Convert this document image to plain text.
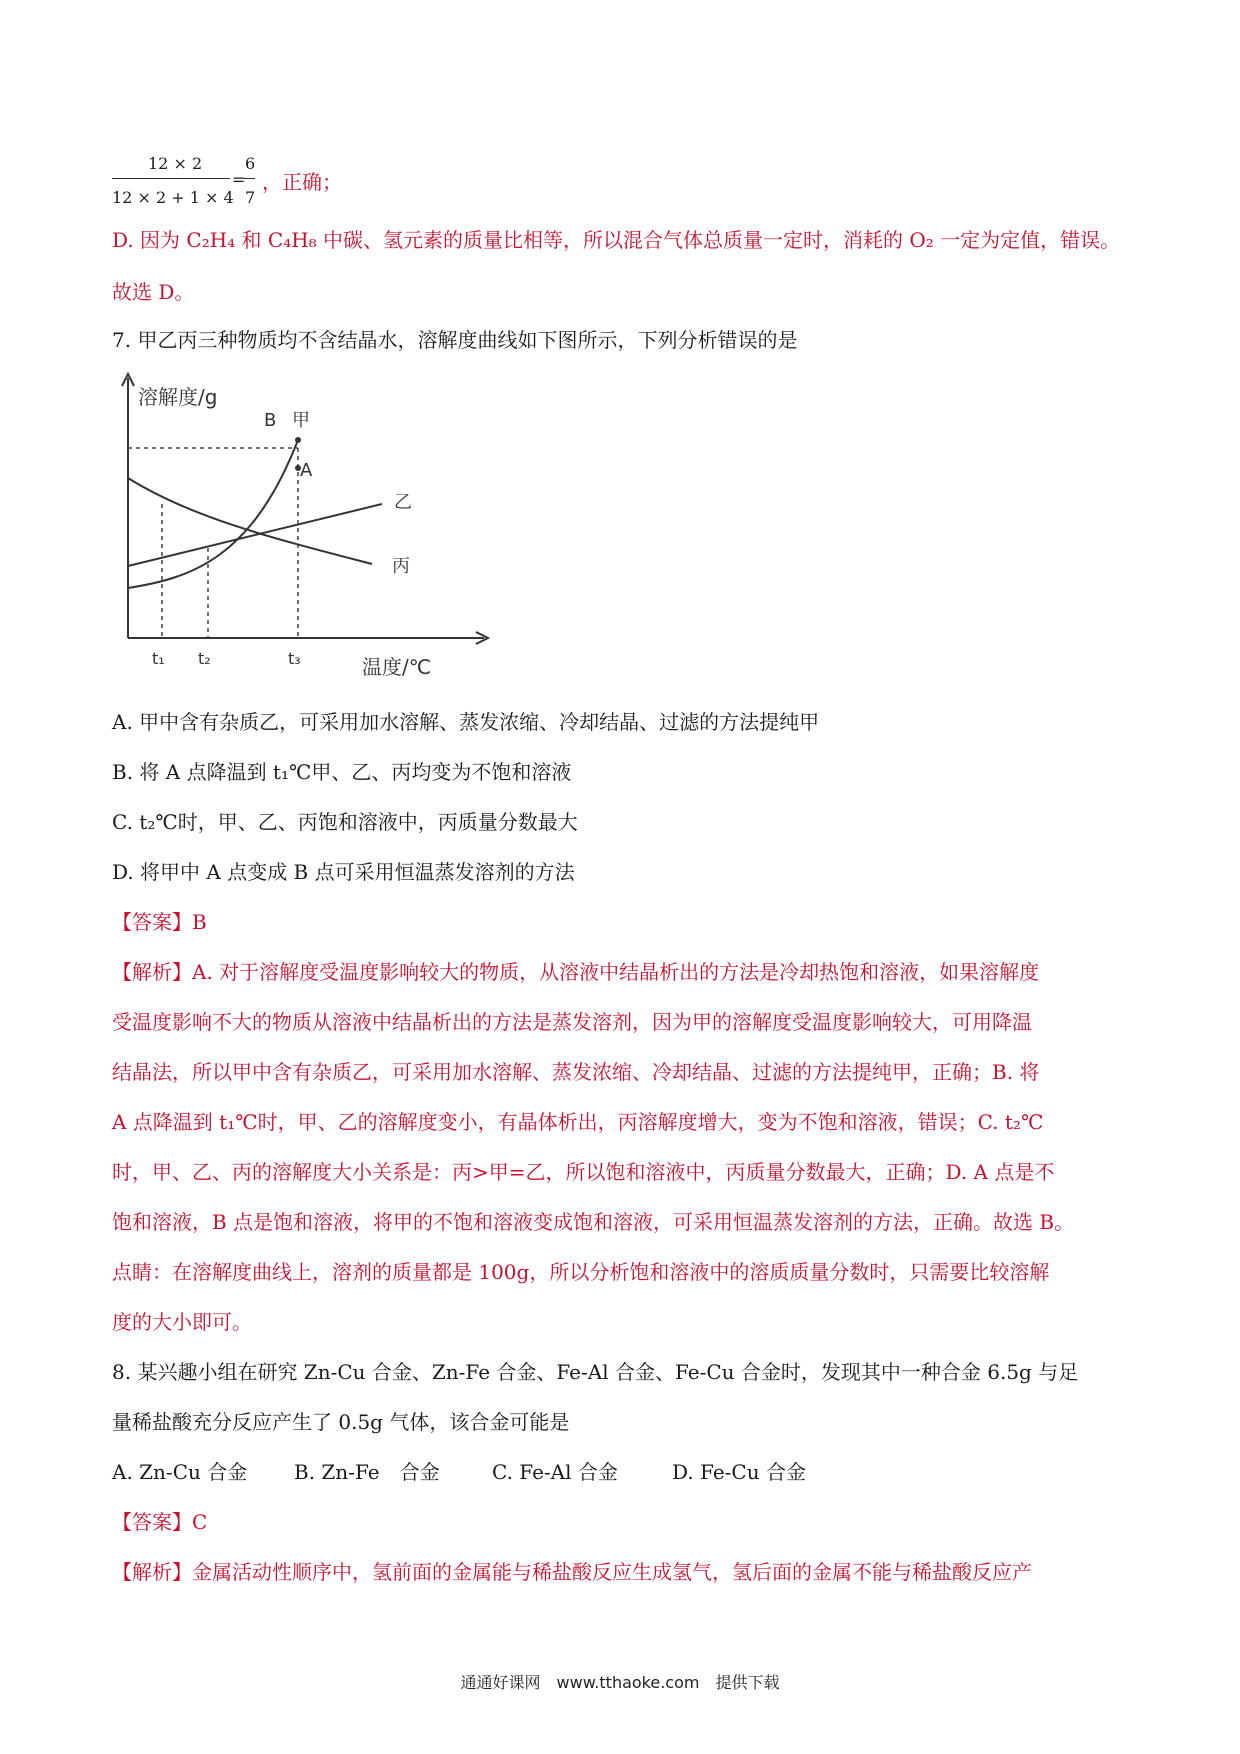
12 × 2
12 × 2 + 1 × 4
=
6
7
，正确；
D. 因为 C₂H₄ 和 C₄H₈ 中碳、氢元素的质量比相等，所以混合气体总质量一定时，消耗的 O₂ 一定为定值，错误。
故选 D。
7. 甲乙丙三种物质均不含结晶水，溶解度曲线如下图所示，下列分析错误的是
溶解度/g
B 甲
A
乙
丙
t₁ t₂	t₃	温度/℃
A. 甲中含有杂质乙，可采用加水溶解、蒸发浓缩、冷却结晶、过滤的方法提纯甲
B. 将 A 点降温到 t₁℃甲、乙、丙均变为不饱和溶液
C. t₂℃时，甲、乙、丙饱和溶液中，丙质量分数最大
D. 将甲中 A 点变成 B 点可采用恒温蒸发溶剂的方法
【答案】B
【解析】A. 对于溶解度受温度影响较大的物质，从溶液中结晶析出的方法是冷却热饱和溶液，如果溶解度
受温度影响不大的物质从溶液中结晶析出的方法是蒸发溶剂，因为甲的溶解度受温度影响较大，可用降温
结晶法，所以甲中含有杂质乙，可采用加水溶解、蒸发浓缩、冷却结晶、过滤的方法提纯甲，正确；B. 将
A 点降温到 t₁℃时，甲、乙的溶解度变小，有晶体析出，丙溶解度增大，变为不饱和溶液，错误；C. t₂℃
时，甲、乙、丙的溶解度大小关系是：丙>甲=乙，所以饱和溶液中，丙质量分数最大，正确；D. A 点是不
饱和溶液，B 点是饱和溶液，将甲的不饱和溶液变成饱和溶液，可采用恒温蒸发溶剂的方法，正确。故选 B。
点睛：在溶解度曲线上，溶剂的质量都是 100g，所以分析饱和溶液中的溶质质量分数时，只需要比较溶解
度的大小即可。
8. 某兴趣小组在研究 Zn-Cu 合金、Zn-Fe 合金、Fe-Al 合金、Fe-Cu 合金时，发现其中一种合金 6.5g 与足
量稀盐酸充分反应产生了 0.5g 气体，该合金可能是
A. Zn-Cu 合金 B. Zn-Fe　合金	C. Fe-Al 合金	D. Fe-Cu 合金
【答案】C
【解析】金属活动性顺序中，氢前面的金属能与稀盐酸反应生成氢气，氢后面的金属不能与稀盐酸反应产
通通好课网　www.tthaoke.com　提供下载
